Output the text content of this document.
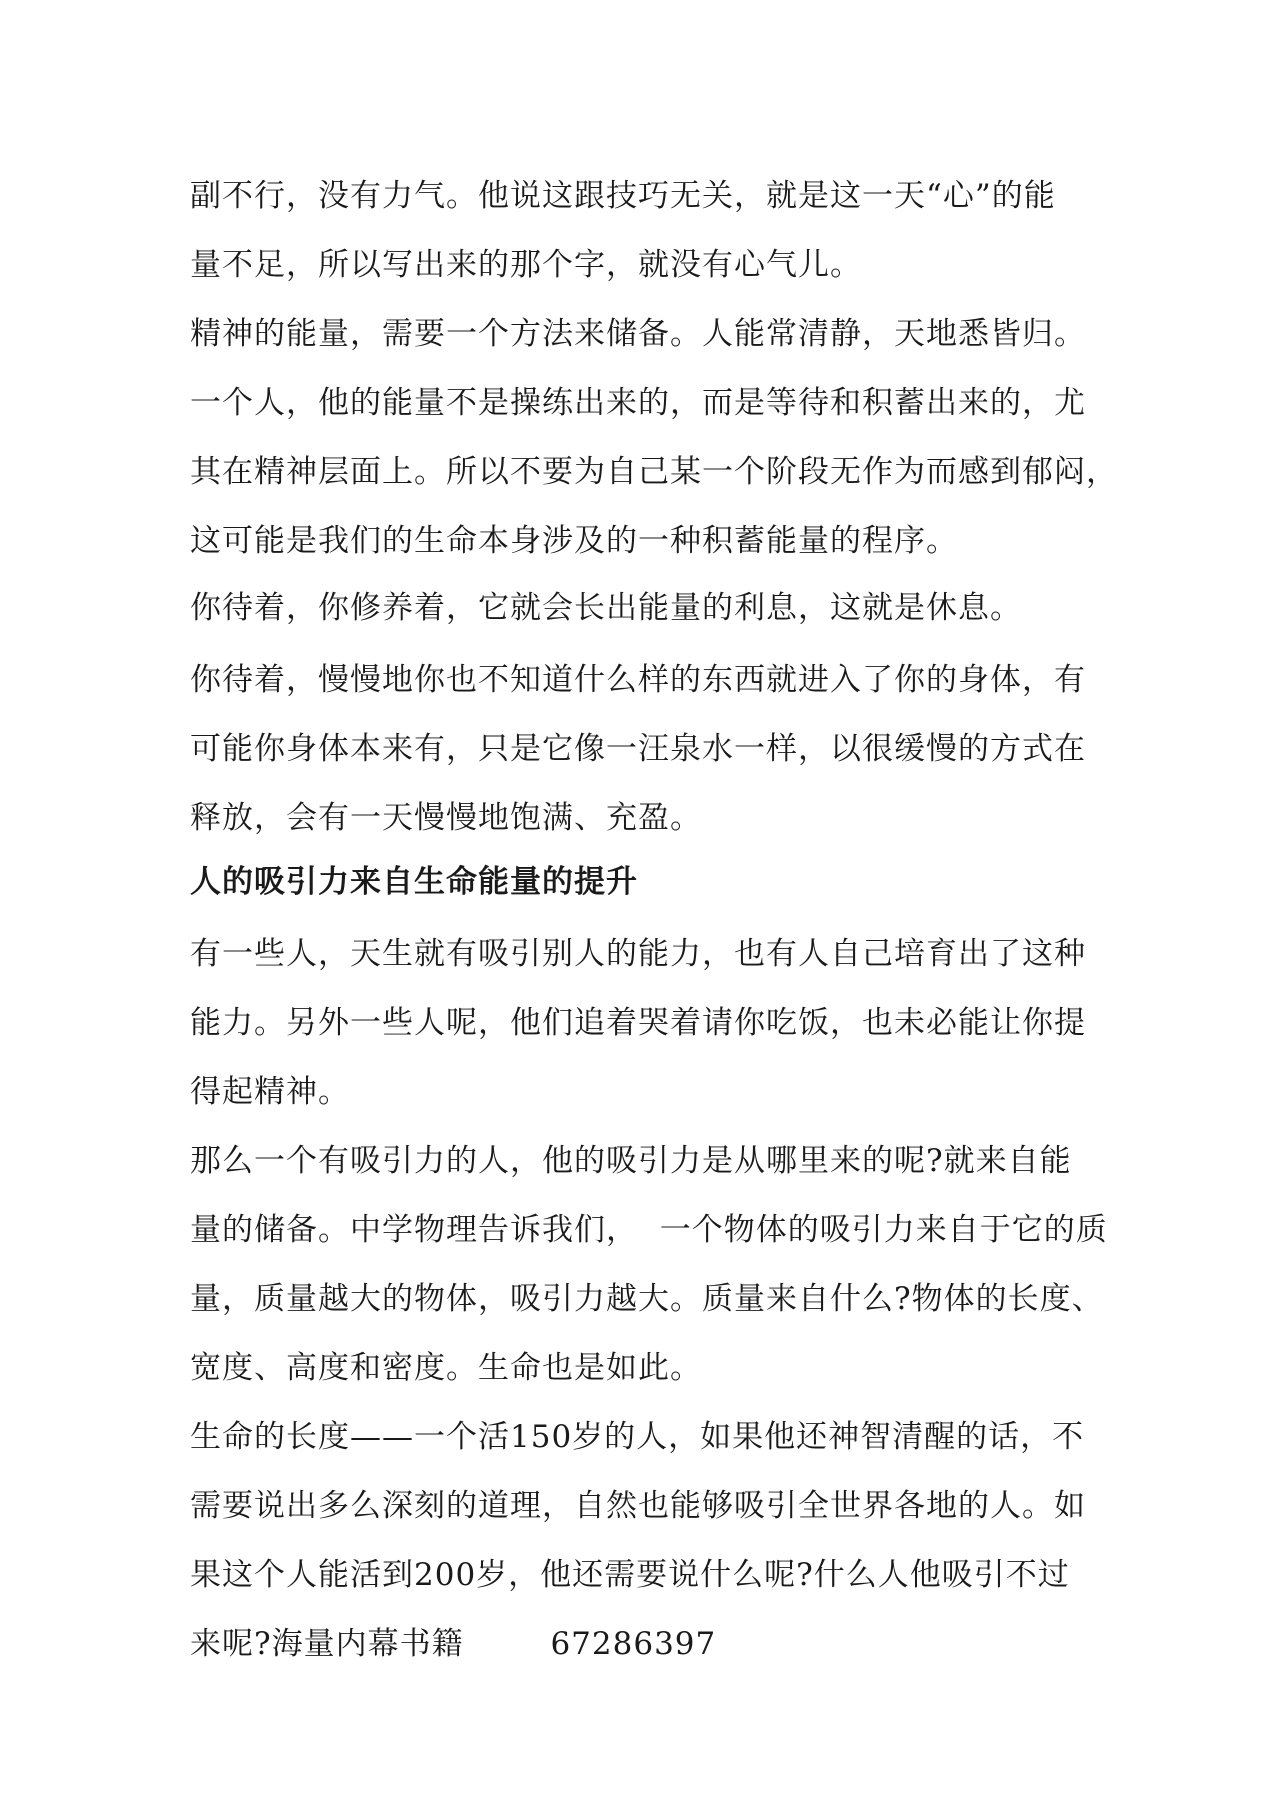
副不行，没有力气。他说这跟技巧无关，就是这一天“心”的能
量不足，所以写出来的那个字，就没有心气儿。
精神的能量，需要一个方法来储备。人能常清静，天地悉皆归。
一个人，他的能量不是操练出来的，而是等待和积蓄出来的，尤
其在精神层面上。所以不要为自己某一个阶段无作为而感到郁闷，
这可能是我们的生命本身涉及的一种积蓄能量的程序。
你待着，你修养着，它就会长出能量的利息，这就是休息。
你待着，慢慢地你也不知道什么样的东西就进入了你的身体，有
可能你身体本来有，只是它像一汪泉水一样，以很缓慢的方式在
释放，会有一天慢慢地饱满、充盈。
人的吸引力来自生命能量的提升
有一些人，天生就有吸引别人的能力，也有人自己培育出了这种
能力。另外一些人呢，他们追着哭着请你吃饭，也未必能让你提
得起精神。
那么一个有吸引力的人，他的吸引力是从哪里来的呢?就来自能
量的储备。中学物理告诉我们，  一个物体的吸引力来自于它的质
量，质量越大的物体，吸引力越大。质量来自什么?物体的长度、
宽度、高度和密度。生命也是如此。
生命的长度——一个活150岁的人，如果他还神智清醒的话，不
需要说出多么深刻的道理，自然也能够吸引全世界各地的人。如
果这个人能活到200岁，他还需要说什么呢?什么人他吸引不过
来呢?海量内幕书籍        67286397
